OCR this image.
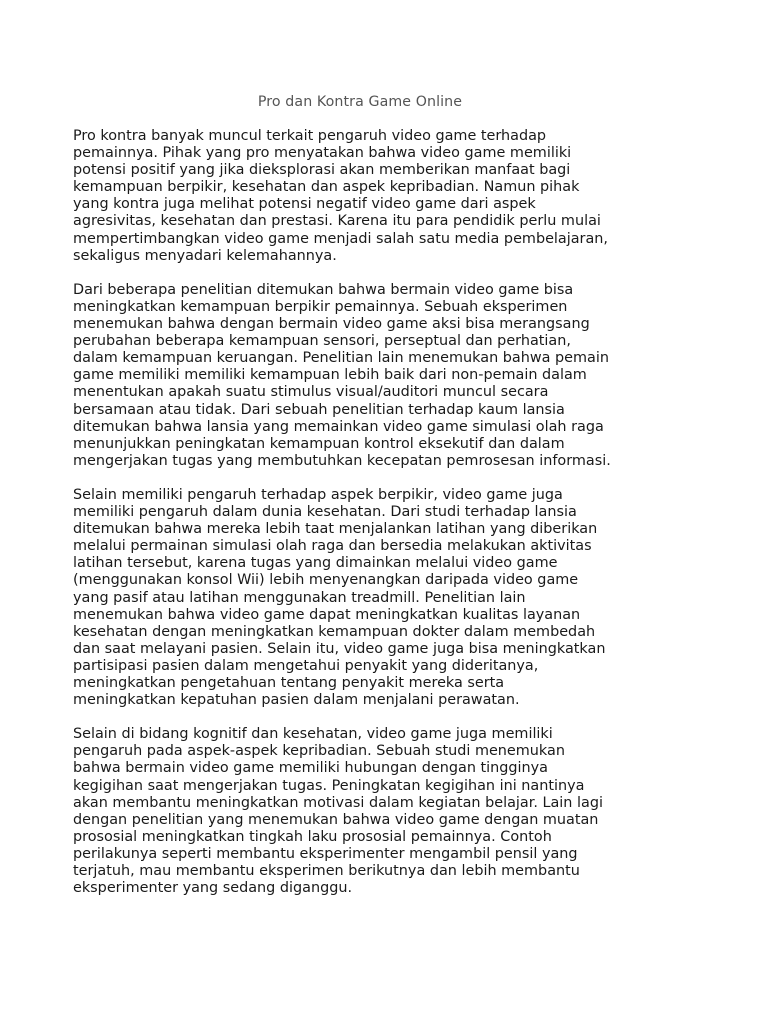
Pro dan Kontra Game Online

Pro kontra banyak muncul terkait pengaruh video game terhadap
pemainnya. Pihak yang pro menyatakan bahwa video game memiliki
potensi positif yang jika dieksplorasi akan memberikan manfaat bagi
kemampuan berpikir, kesehatan dan aspek kepribadian. Namun pihak
yang kontra juga melihat potensi negatif video game dari aspek
agresivitas, kesehatan dan prestasi. Karena itu para pendidik perlu mulai
mempertimbangkan video game menjadi salah satu media pembelajaran,
sekaligus menyadari kelemahannya.

Dari beberapa penelitian ditemukan bahwa bermain video game bisa
meningkatkan kemampuan berpikir pemainnya. Sebuah eksperimen
menemukan bahwa dengan bermain video game aksi bisa merangsang
perubahan beberapa kemampuan sensori, perseptual dan perhatian,
dalam kemampuan keruangan. Penelitian lain menemukan bahwa pemain
game memiliki memiliki kemampuan lebih baik dari non-pemain dalam
menentukan apakah suatu stimulus visual/auditori muncul secara
bersamaan atau tidak. Dari sebuah penelitian terhadap kaum lansia
ditemukan bahwa lansia yang memainkan video game simulasi olah raga
menunjukkan peningkatan kemampuan kontrol eksekutif dan dalam
mengerjakan tugas yang membutuhkan kecepatan pemrosesan informasi.

Selain memiliki pengaruh terhadap aspek berpikir, video game juga
memiliki pengaruh dalam dunia kesehatan. Dari studi terhadap lansia
ditemukan bahwa mereka lebih taat menjalankan latihan yang diberikan
melalui permainan simulasi olah raga dan bersedia melakukan aktivitas
latihan tersebut, karena tugas yang dimainkan melalui video game
(menggunakan konsol Wii) lebih menyenangkan daripada video game
yang pasif atau latihan menggunakan treadmill. Penelitian lain
menemukan bahwa video game dapat meningkatkan kualitas layanan
kesehatan dengan meningkatkan kemampuan dokter dalam membedah
dan saat melayani pasien. Selain itu, video game juga bisa meningkatkan
partisipasi pasien dalam mengetahui penyakit yang dideritanya,
meningkatkan pengetahuan tentang penyakit mereka serta
meningkatkan kepatuhan pasien dalam menjalani perawatan.

Selain di bidang kognitif dan kesehatan, video game juga memiliki
pengaruh pada aspek-aspek kepribadian. Sebuah studi menemukan
bahwa bermain video game memiliki hubungan dengan tingginya
kegigihan saat mengerjakan tugas. Peningkatan kegigihan ini nantinya
akan membantu meningkatkan motivasi dalam kegiatan belajar. Lain lagi
dengan penelitian yang menemukan bahwa video game dengan muatan
prososial meningkatkan tingkah laku prososial pemainnya. Contoh
perilakunya seperti membantu eksperimenter mengambil pensil yang
terjatuh, mau membantu eksperimen berikutnya dan lebih membantu
eksperimenter yang sedang diganggu.
